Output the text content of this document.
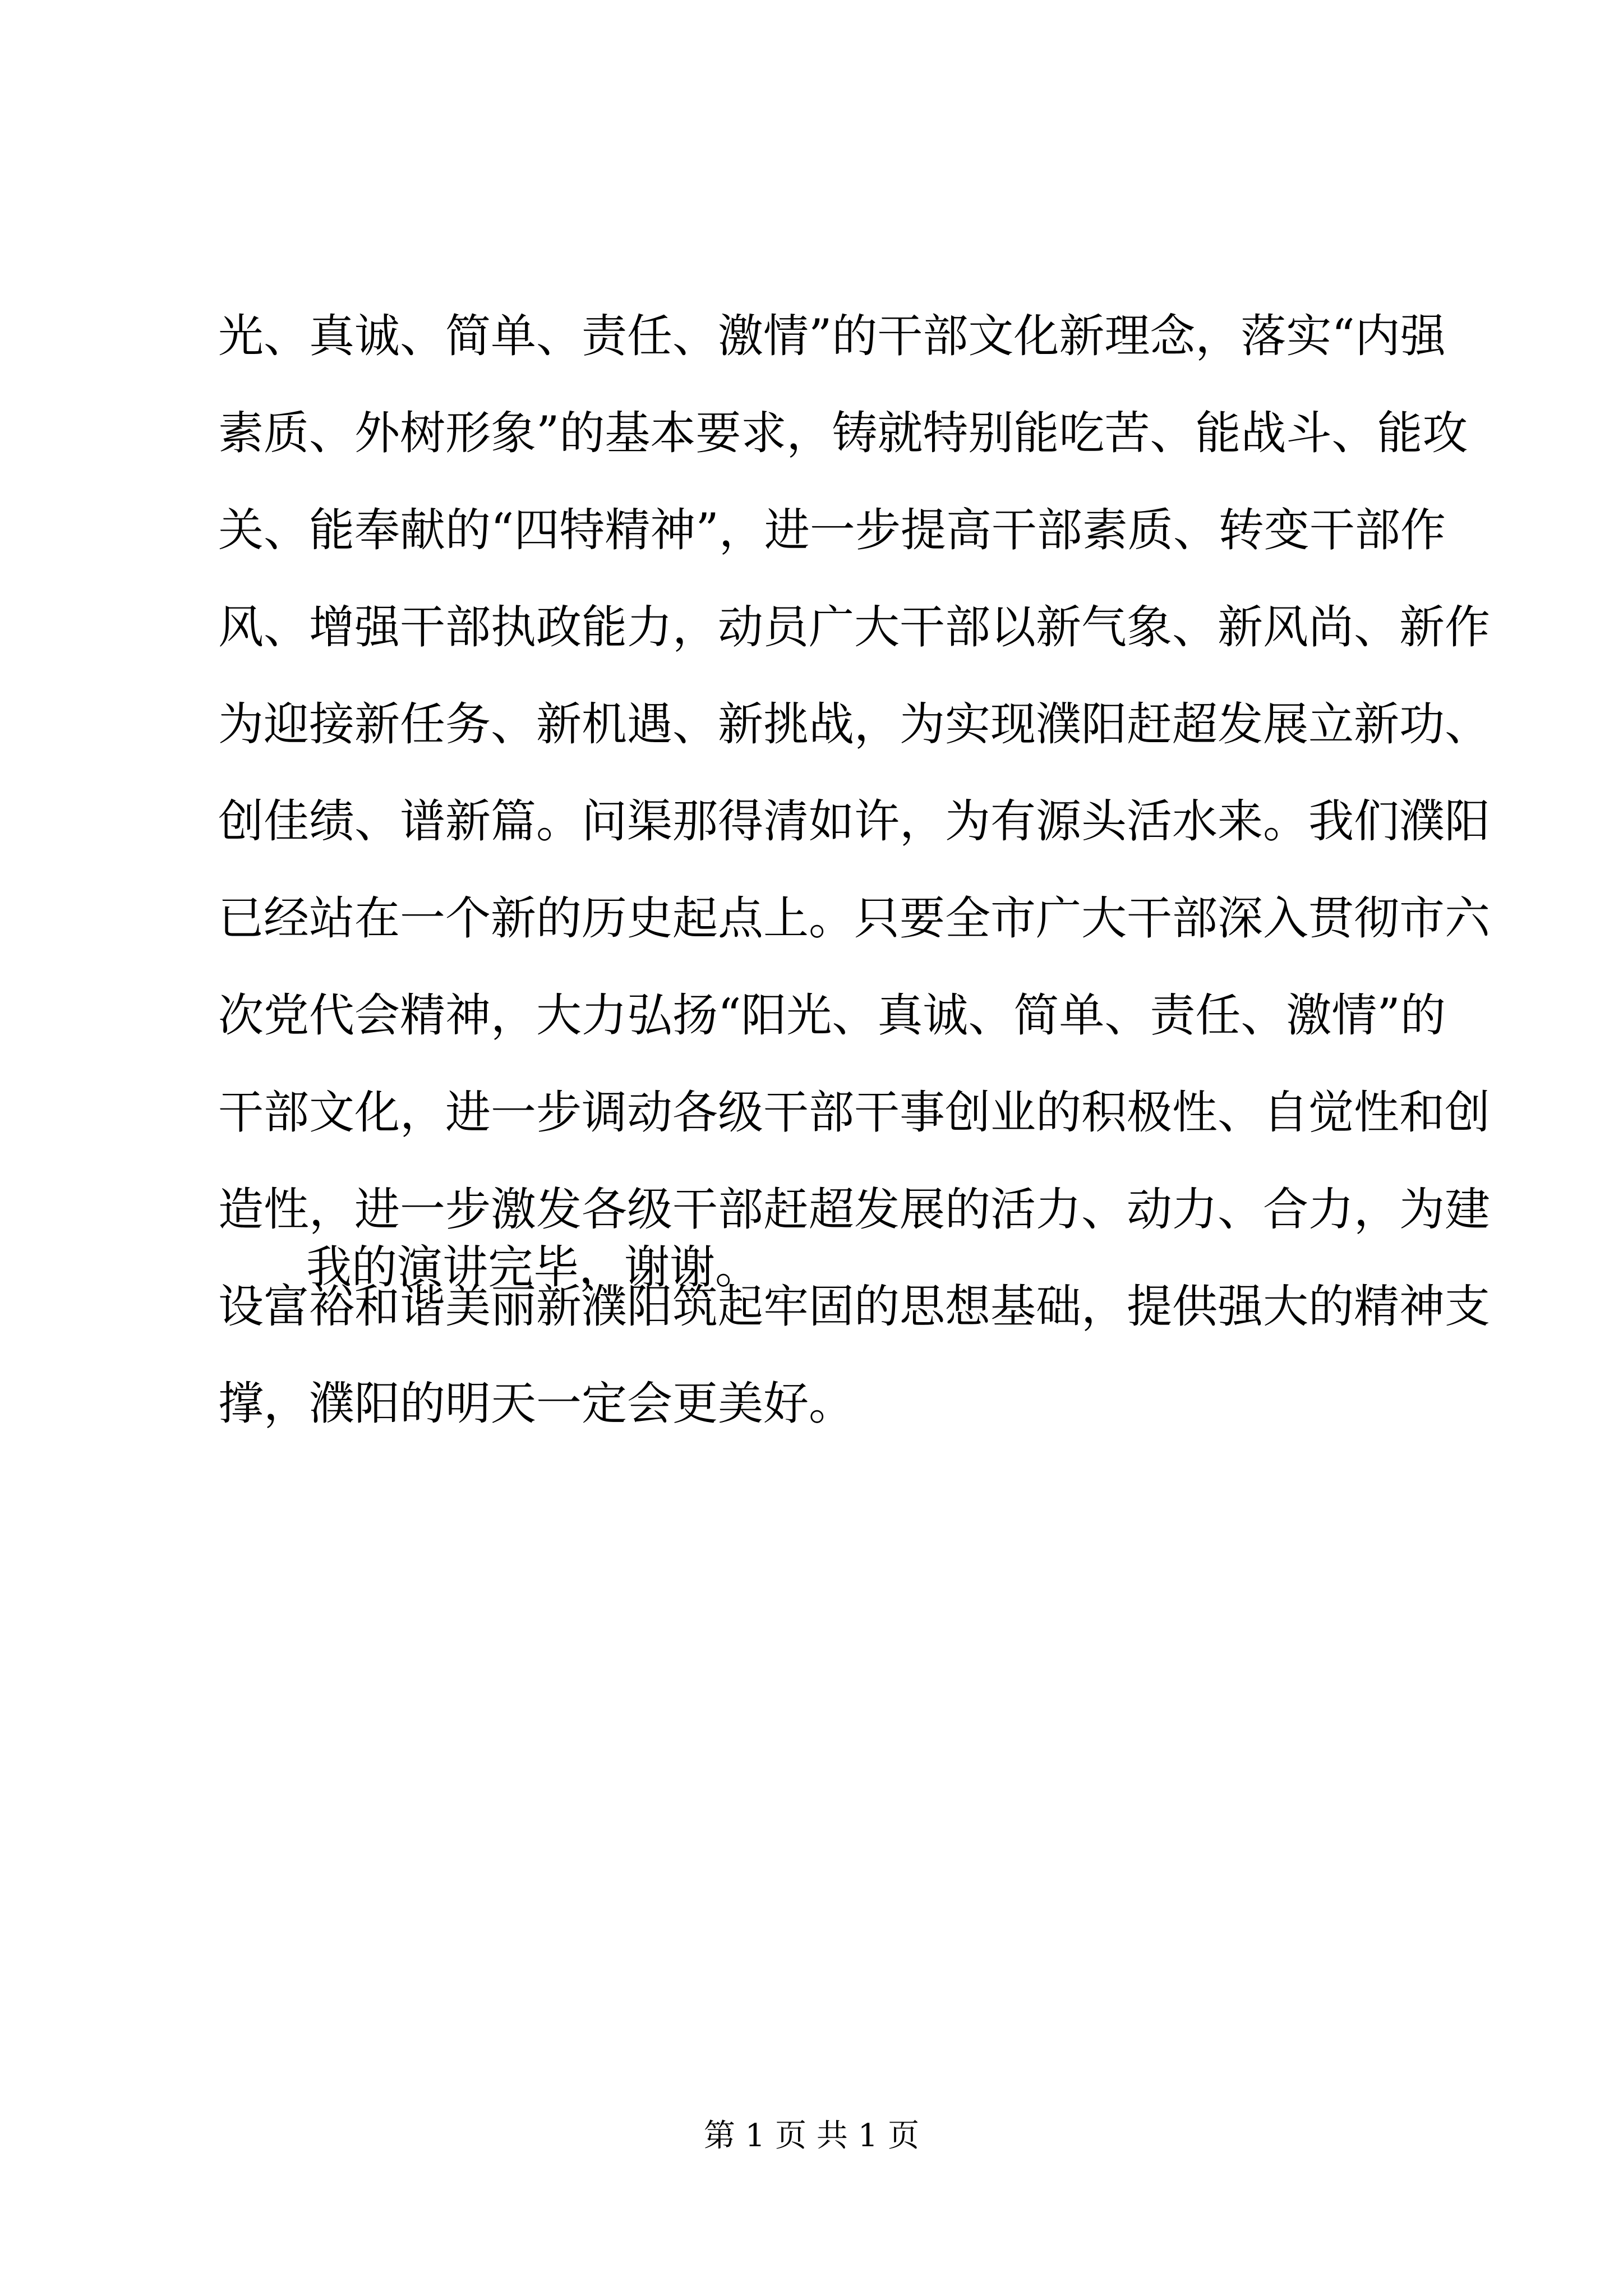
光、真诚、简单、责任、激情”的干部文化新理念，落实“内强
素质、外树形象”的基本要求，铸就特别能吃苦、能战斗、能攻
关、能奉献的“四特精神”，进一步提高干部素质、转变干部作
风、增强干部执政能力，动员广大干部以新气象、新风尚、新作
为迎接新任务、新机遇、新挑战，为实现濮阳赶超发展立新功、
创佳绩、谱新篇。问渠那得清如许，为有源头活水来。我们濮阳
已经站在一个新的历史起点上。只要全市广大干部深入贯彻市六
次党代会精神，大力弘扬“阳光、真诚、简单、责任、激情”的
干部文化，进一步调动各级干部干事创业的积极性、自觉性和创
造性，进一步激发各级干部赶超发展的活力、动力、合力，为建
设富裕和谐美丽新濮阳筑起牢固的思想基础，提供强大的精神支
撑，濮阳的明天一定会更美好。

我的演讲完毕，谢谢。

第 1 页 共 1 页
